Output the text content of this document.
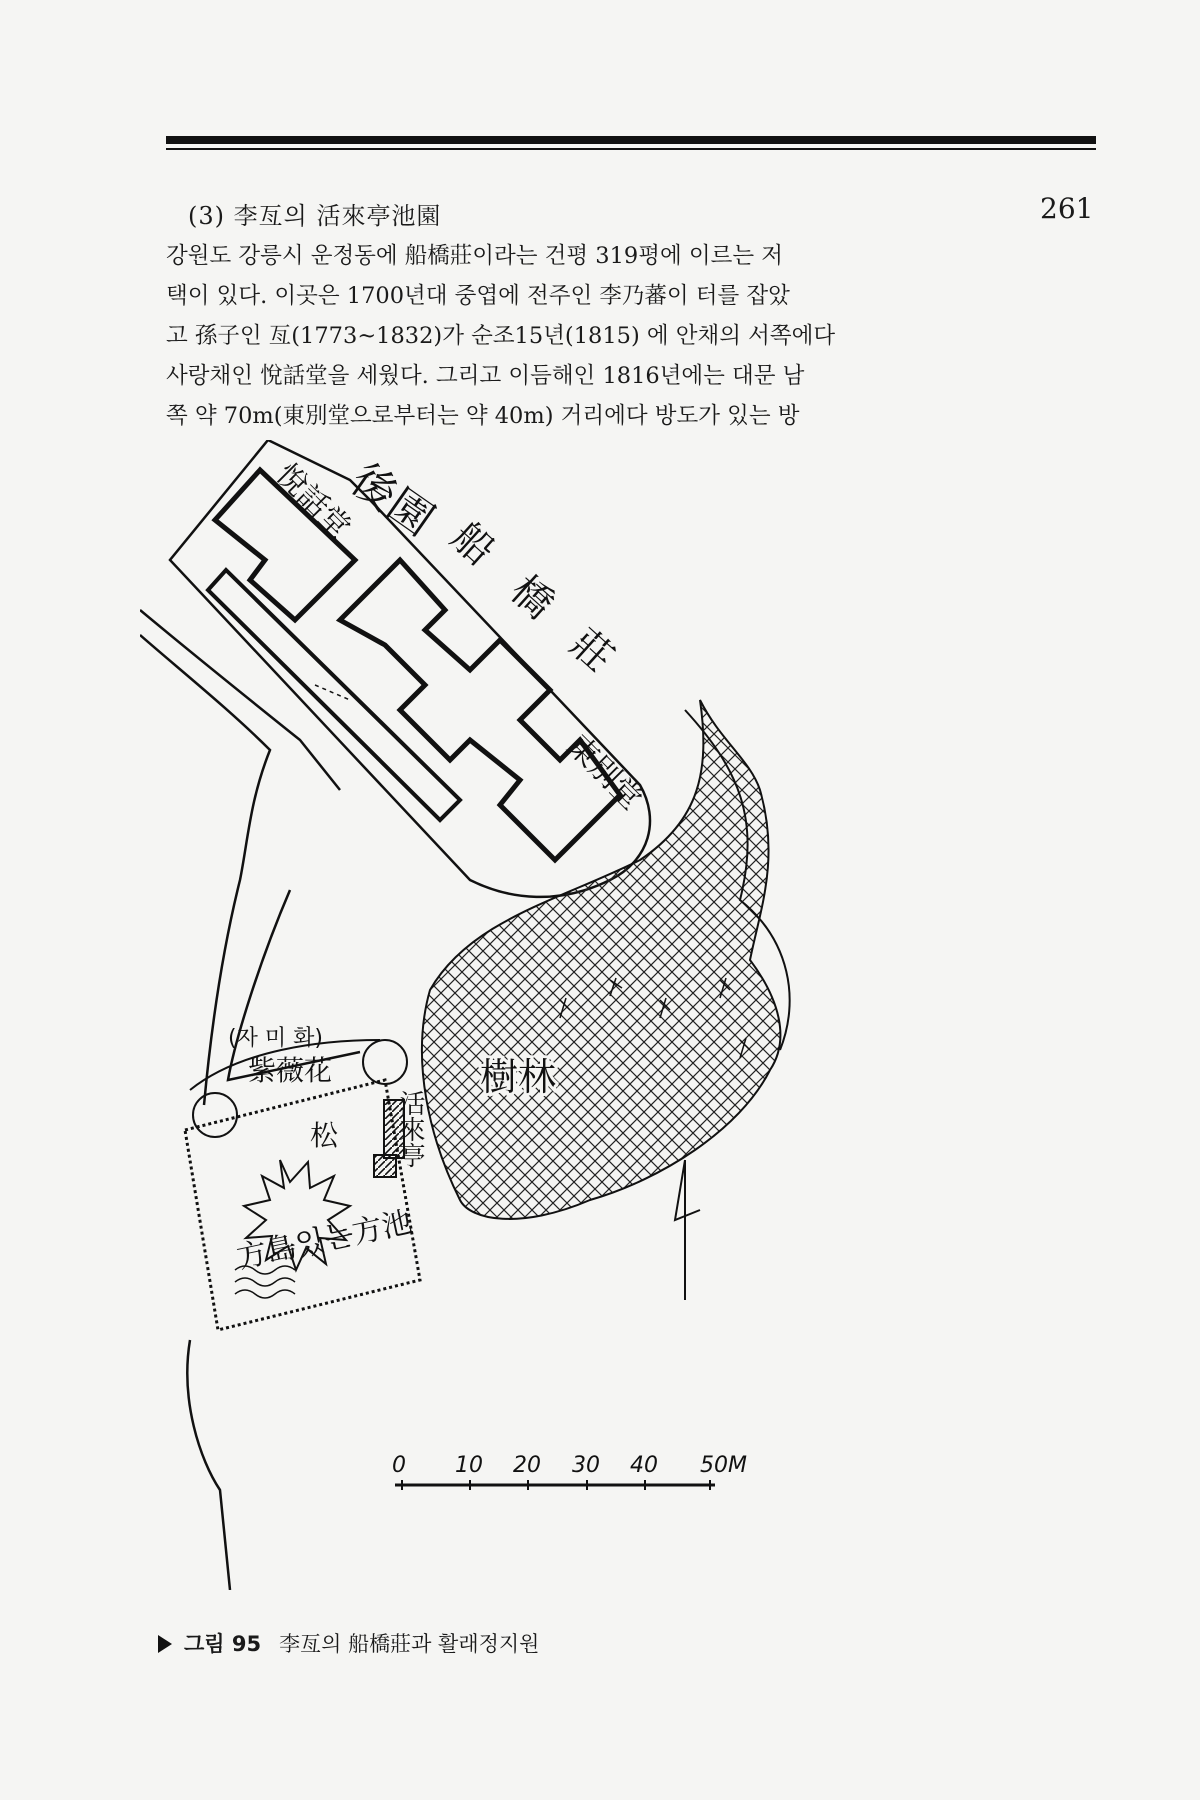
261
(3) 李亙의 活來亭池園

강원도 강릉시 운정동에 船橋莊이라는 건평 319평에 이르는 저

택이 있다. 이곳은 1700년대 중엽에 전주인 李乃蕃이 터를 잡았

고 孫子인 亙(1773~1832)가 순조15년(1815) 에 안채의 서쪽에다

사랑채인 悅話堂을 세웠다. 그리고 이듬해인 1816년에는 대문 남

쪽 약 70m(東別堂으로부터는 약 40m) 거리에다 방도가 있는 방

後園
悅話堂
船橋莊
東別堂
樹林
(자 미 화)
紫薇花
松
方島있는方池
活來亭
0 10 20 30 40 50M
그림 95 李亙의 船橋莊과 활래정지원
